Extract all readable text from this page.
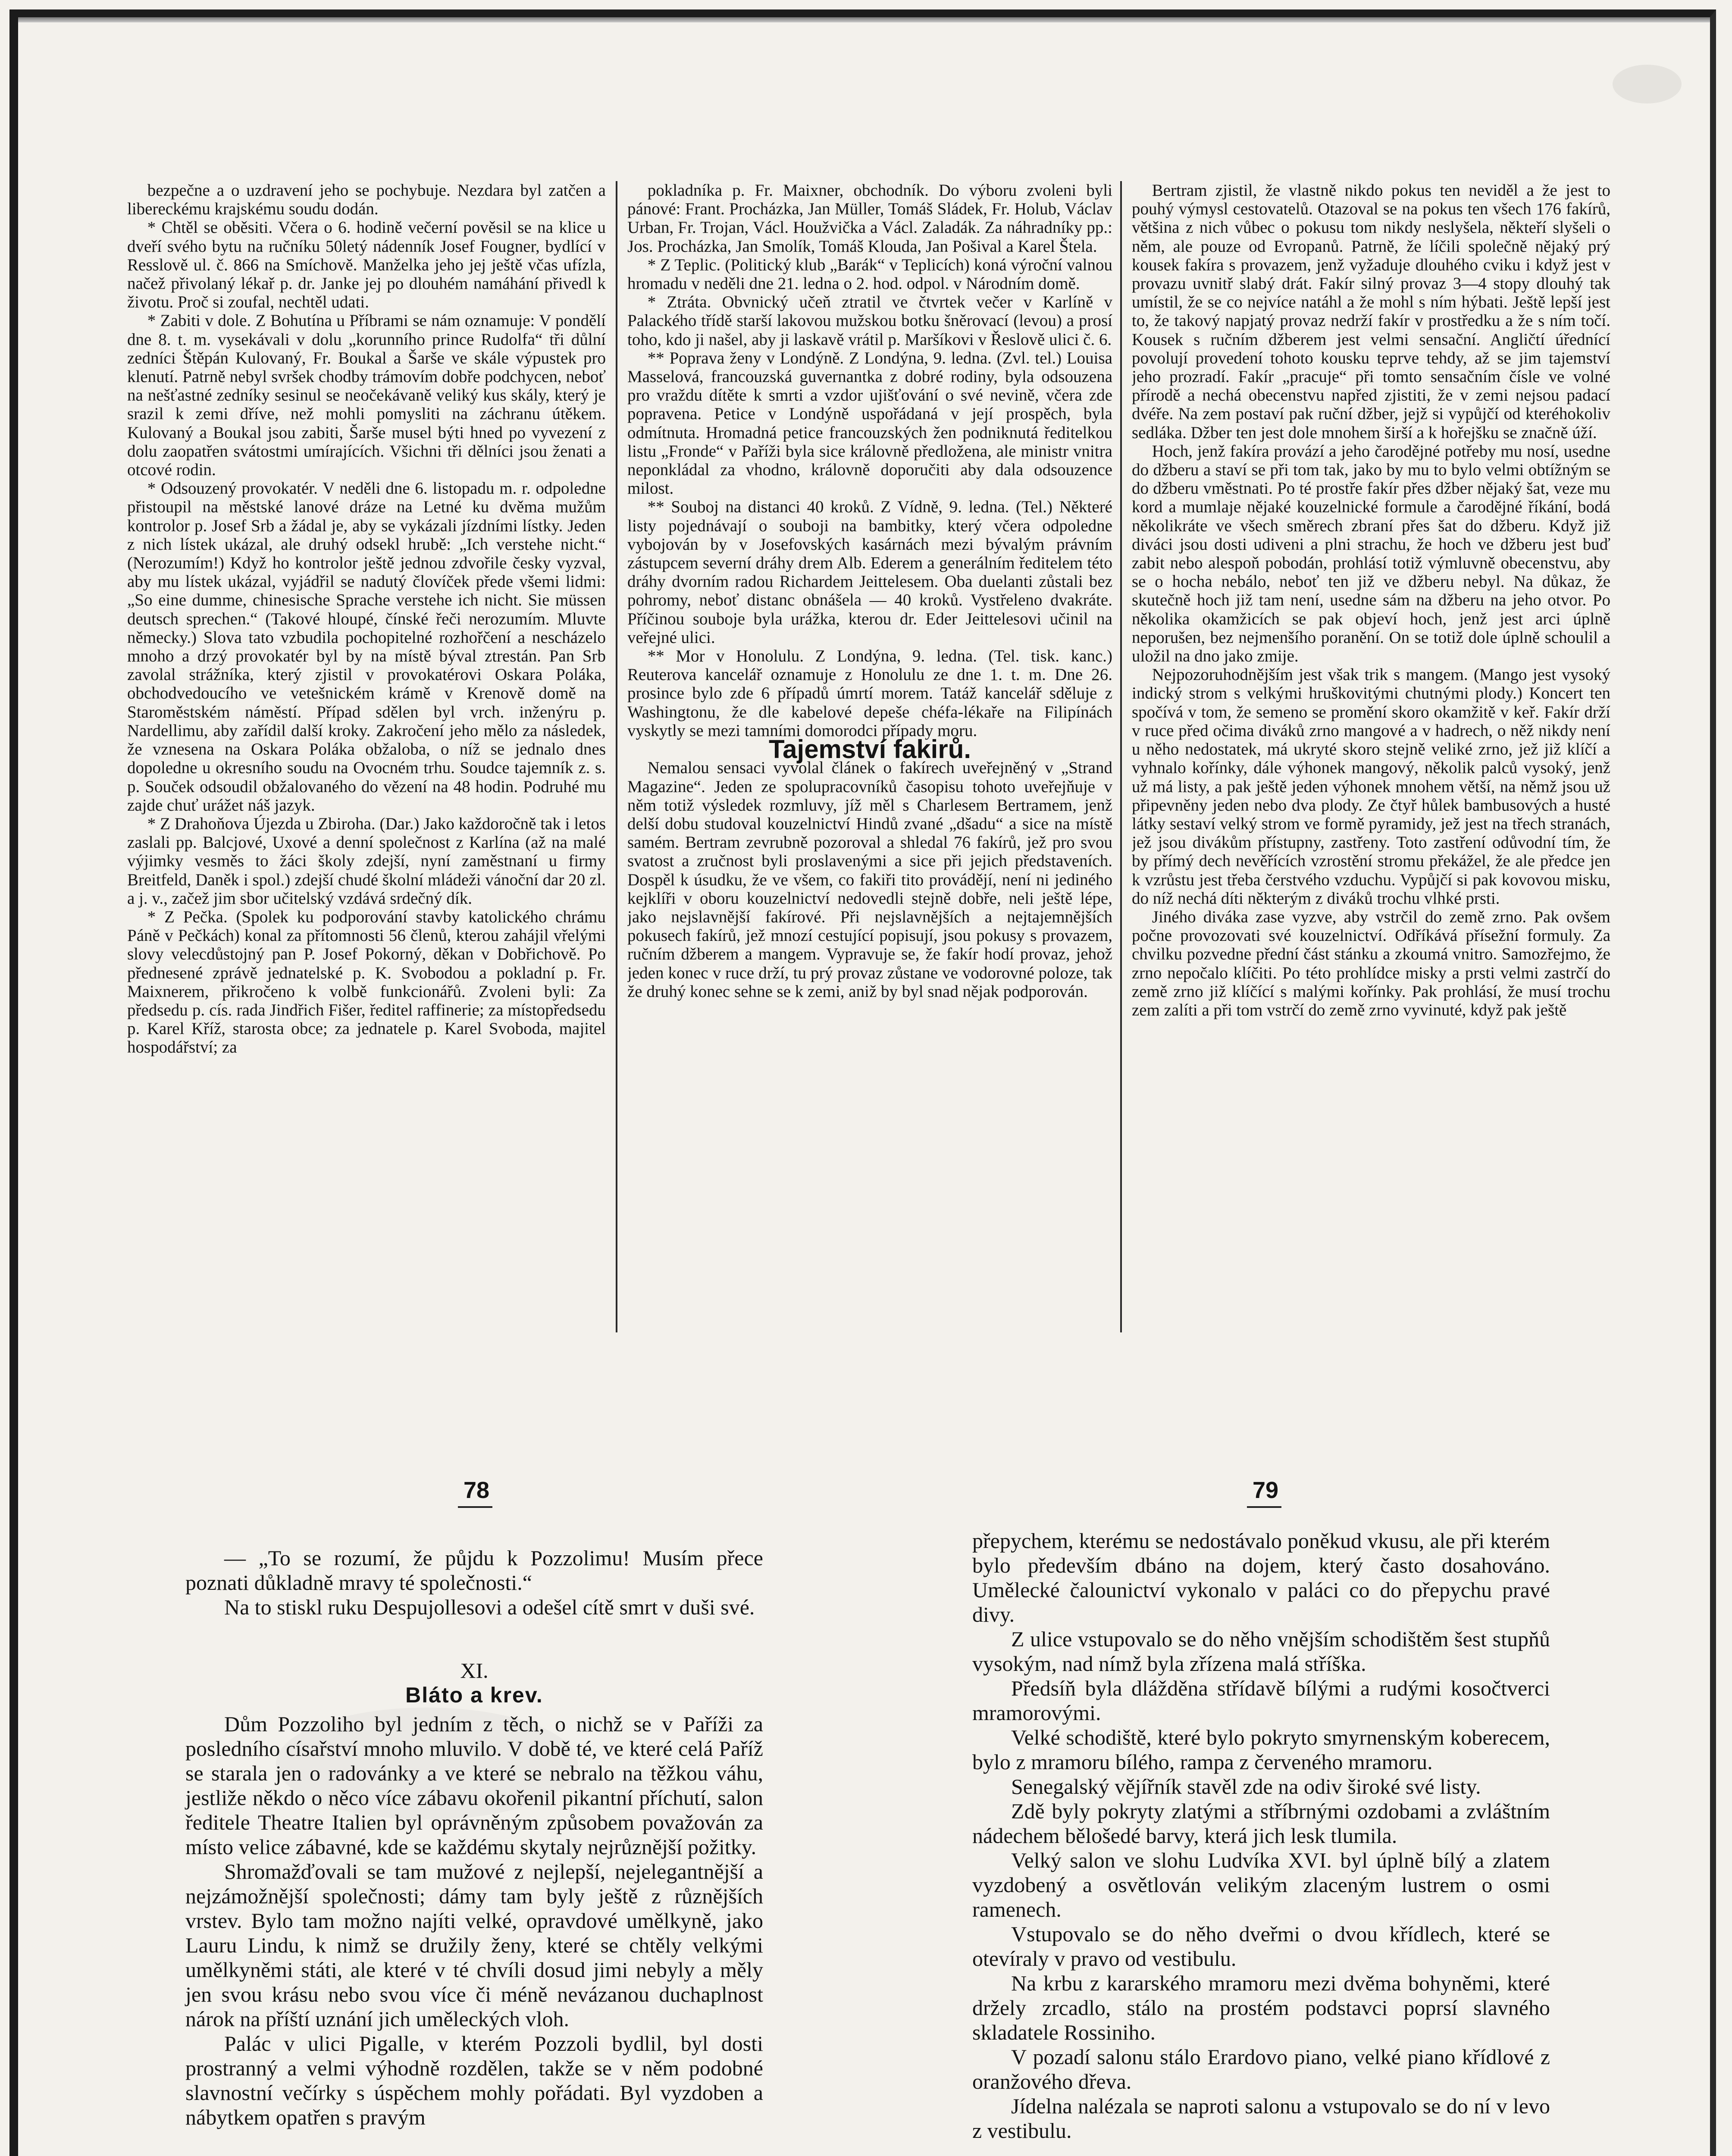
bezpečne a o uzdravení jeho se pochybuje. Nezdara byl zatčen a libereckému krajskému soudu dodán.

* Chtěl se oběsiti. Včera o 6. hodině večerní pověsil se na klice u dveří svého bytu na ručníku 50letý nádenník Josef Fougner, bydlící v Resslově ul. č. 866 na Smíchově. Manželka jeho jej ještě včas ufízla, načež přivolaný lékař p. dr. Janke jej po dlouhém namáhání přivedl k životu. Proč si zoufal, nechtěl udati.

* Zabiti v dole. Z Bohutína u Příbrami se nám oznamuje: V pondělí dne 8. t. m. vysekávali v dolu „korunního prince Rudolfa“ tři důlní zedníci Štěpán Kulovaný, Fr. Boukal a Šarše ve skále výpustek pro klenutí. Patrně nebyl svršek chodby trámovím dobře podchycen, neboť na nešťastné zedníky sesinul se neočekávaně veliký kus skály, který je srazil k zemi dříve, než mohli pomysliti na záchranu útěkem. Kulovaný a Boukal jsou zabiti, Šarše musel býti hned po vyvezení z dolu zaopatřen svátostmi umírajících. Všichni tři dělníci jsou ženati a otcové rodin.

* Odsouzený provokatér. V neděli dne 6. listopadu m. r. odpoledne přistoupil na městské lanové dráze na Letné ku dvěma mužům kontrolor p. Josef Srb a žádal je, aby se vykázali jízdními lístky. Jeden z nich lístek ukázal, ale druhý odsekl hrubě: „Ich verstehe nicht.“ (Nerozumím!) Když ho kontrolor ještě jednou zdvořile česky vyzval, aby mu lístek ukázal, vyjádřil se nadutý človíček přede všemi lidmi: „So eine dumme, chinesische Sprache verstehe ich nicht. Sie müssen deutsch sprechen.“ (Takové hloupé, čínské řeči nerozumím. Mluvte německy.) Slova tato vzbudila pochopitelné rozhořčení a nescházelo mnoho a drzý provokatér byl by na místě býval ztrestán. Pan Srb zavolal strážníka, který zjistil v provokatérovi Oskara Poláka, obchodvedoucího ve vetešnickém krámě v Krenově domě na Staroměstském náměstí. Případ sdělen byl vrch. inženýru p. Nardellimu, aby zařídil další kroky. Zakročení jeho mělo za následek, že vznesena na Oskara Poláka obžaloba, o níž se jednalo dnes dopoledne u okresního soudu na Ovocném trhu. Soudce tajemník z. s. p. Souček odsoudil obžalovaného do vězení na 48 hodin. Podruhé mu zajde chuť urážet náš jazyk.

* Z Drahoňova Újezda u Zbiroha. (Dar.) Jako každoročně tak i letos zaslali pp. Balcjové, Uxové a denní společnost z Karlína (až na malé výjimky vesměs to žáci školy zdejší, nyní zaměstnaní u firmy Breitfeld, Daněk i spol.) zdejší chudé školní mládeži vánoční dar 20 zl. a j. v., začež jim sbor učitelský vzdává srdečný dík.

* Z Pečka. (Spolek ku podporování stavby katolického chrámu Páně v Pečkách) konal za přítomnosti 56 členů, kterou zahájil vřelými slovy velecdůstojný pan P. Josef Pokorný, děkan v Dobřichově. Po přednesené zprávě jednatelské p. K. Svobodou a pokladní p. Fr. Maixnerem, přikročeno k volbě funkcionářů. Zvoleni byli: Za předsedu p. cís. rada Jindřich Fišer, ředitel raffinerie; za místopředsedu p. Karel Kříž, starosta obce; za jednatele p. Karel Svoboda, majitel hospodářství; za

pokladníka p. Fr. Maixner, obchodník. Do výboru zvoleni byli pánové: Frant. Procházka, Jan Müller, Tomáš Sládek, Fr. Holub, Václav Urban, Fr. Trojan, Václ. Houžvička a Václ. Zaladák. Za náhradníky pp.: Jos. Procházka, Jan Smolík, Tomáš Klouda, Jan Pošival a Karel Štela.

* Z Teplic. (Politický klub „Barák“ v Teplicích) koná výroční valnou hromadu v neděli dne 21. ledna o 2. hod. odpol. v Národním domě.

* Ztráta. Obvnický učeň ztratil ve čtvrtek večer v Karlíně v Palackého třídě starší lakovou mužskou botku šněrovací (levou) a prosí toho, kdo ji našel, aby ji laskavě vrátil p. Maršíkovi v Řeslově ulici č. 6.

** Poprava ženy v Londýně. Z Londýna, 9. ledna. (Zvl. tel.) Louisa Masselová, francouzská guvernantka z dobré rodiny, byla odsouzena pro vraždu dítěte k smrti a vzdor ujišťování o své nevině, včera zde popravena. Petice v Londýně uspořádaná v její prospěch, byla odmítnuta. Hromadná petice francouzských žen podniknutá ředitelkou listu „Fronde“ v Paříži byla sice královně předložena, ale ministr vnitra neponkládal za vhodno, královně doporučiti aby dala odsouzence milost.

** Souboj na distanci 40 kroků. Z Vídně, 9. ledna. (Tel.) Některé listy pojednávají o souboji na bambitky, který včera odpoledne vybojován by v Josefovských kasárnách mezi bývalým právním zástupcem severní dráhy drem Alb. Ederem a generálním ředitelem této dráhy dvorním radou Richardem Jeittelesem. Oba duelanti zůstali bez pohromy, neboť distanc obnášela — 40 kroků. Vystřeleno dvakráte. Příčinou souboje byla urážka, kterou dr. Eder Jeittelesovi učinil na veřejné ulici.

** Mor v Honolulu. Z Londýna, 9. ledna. (Tel. tisk. kanc.) Reuterova kancelář oznamuje z Honolulu ze dne 1. t. m. Dne 26. prosince bylo zde 6 případů úmrtí morem. Tatáž kancelář sděluje z Washingtonu, že dle kabelové depeše chéfa-lékaře na Filipínách vyskytly se mezi tamními domorodci případy moru.

Tajemství fakirů.

Nemalou sensaci vyvolal článek o fakírech uveřejněný v „Strand Magazine“. Jeden ze spolupracovníků časopisu tohoto uveřejňuje v něm totiž výsledek rozmluvy, jíž měl s Charlesem Bertramem, jenž delší dobu studoval kouzelnictví Hindů zvané „dšadu“ a sice na místě samém. Bertram zevrubně pozoroval a shledal 76 fakírů, jež pro svou svatost a zručnost byli proslavenými a sice při jejich představeních. Dospěl k úsudku, že ve všem, co fakiři tito provádějí, není ni jediného kejklíři v oboru kouzelnictví nedovedli stejně dobře, neli ještě lépe, jako nejslavnější fakírové. Při nejslavnějších a nejtajemnějších pokusech fakírů, jež mnozí cestující popisují, jsou pokusy s provazem, ručním džberem a mangem. Vypravuje se, že fakír hodí provaz, jehož jeden konec v ruce drží, tu prý provaz zůstane ve vodorovné poloze, tak že druhý konec sehne se k zemi, aniž by byl snad nějak podporován.

Bertram zjistil, že vlastně nikdo pokus ten neviděl a že jest to pouhý výmysl cestovatelů. Otazoval se na pokus ten všech 176 fakírů, většina z nich vůbec o pokusu tom nikdy neslyšela, někteří slyšeli o něm, ale pouze od Evropanů. Patrně, že líčili společně nějaký prý kousek fakíra s provazem, jenž vyžaduje dlouhého cviku i když jest v provazu uvnitř slabý drát. Fakír silný provaz 3—4 stopy dlouhý tak umístil, že se co nejvíce natáhl a že mohl s ním hýbati. Ještě lepší jest to, že takový napjatý provaz nedrží fakír v prostředku a že s ním točí. Kousek s ručním džberem jest velmi sensační. Angličtí úřednící povolují provedení tohoto kousku teprve tehdy, až se jim tajemství jeho prozradí. Fakír „pracuje“ při tomto sensačním čísle ve volné přírodě a nechá obecenstvu napřed zjistiti, že v zemi nejsou padací dvéře. Na zem postaví pak ruční džber, jejž si vypůjčí od kteréhokoliv sedláka. Džber ten jest dole mnohem širší a k hořejšku se značně úží.

Hoch, jenž fakíra provází a jeho čarodějné potřeby mu nosí, usedne do džberu a staví se při tom tak, jako by mu to bylo velmi obtížným se do džberu vměstnati. Po té prostře fakír přes džber nějaký šat, veze mu kord a mumlaje nějaké kouzelnické formule a čarodějné říkání, bodá několikráte ve všech směrech zbraní přes šat do džberu. Když již diváci jsou dosti udiveni a plni strachu, že hoch ve džberu jest buď zabit nebo alespoň pobodán, prohlásí totiž výmluvně obecenstvu, aby se o hocha nebálo, neboť ten již ve džberu nebyl. Na důkaz, že skutečně hoch již tam není, usedne sám na džberu na jeho otvor. Po několika okamžicích se pak objeví hoch, jenž jest arci úplně neporušen, bez nejmenšího poranění. On se totiž dole úplně schoulil a uložil na dno jako zmije.

Nejpozoruhodnějším jest však trik s mangem. (Mango jest vysoký indický strom s velkými hruškovitými chutnými plody.) Koncert ten spočívá v tom, že semeno se promění skoro okamžitě v keř. Fakír drží v ruce před očima diváků zrno mangové a v hadrech, o něž nikdy není u něho nedostatek, má ukryté skoro stejně veliké zrno, jež již klíčí a vyhnalo kořínky, dále výhonek mangový, několik palců vysoký, jenž už má listy, a pak ještě jeden výhonek mnohem větší, na němž jsou už připevněny jeden nebo dva plody. Ze čtyř hůlek bambusových a husté látky sestaví velký strom ve formě pyramidy, jež jest na třech stranách, jež jsou divákům přístupny, zastřeny. Toto zastření odůvodní tím, že by přímý dech nevěřících vzrostění stromu překážel, že ale předce jen k vzrůstu jest třeba čerstvého vzduchu. Vypůjčí si pak kovovou misku, do níž nechá díti některým z diváků trochu vlhké prsti.

Jiného diváka zase vyzve, aby vstrčil do země zrno. Pak ovšem počne provozovati své kouzelnictví. Odříkává přísežní formuly. Za chvilku pozvedne přední část stánku a zkoumá vnitro. Samozřejmo, že zrno nepočalo klíčiti. Po této prohlídce misky a prsti velmi zastrčí do země zrno již klíčící s malými kořínky. Pak prohlásí, že musí trochu zem zalíti a při tom vstrčí do země zrno vyvinuté, když pak ještě

78	79

— „To se rozumí, že půjdu k Pozzolimu! Musím přece poznati důkladně mravy té společnosti.“

Na to stiskl ruku Despujollesovi a odešel cítě smrt v duši své.

XI.

Bláto a krev.

Dům Pozzoliho byl jedním z těch, o nichž se v Paříži za posledního císařství mnoho mluvilo. V době té, ve které celá Paříž se starala jen o radovánky a ve které se nebralo na těžkou váhu, jestliže někdo o něco více zábavu okořenil pikantní příchutí, salon ředitele Theatre Italien byl oprávněným způsobem považován za místo velice zábavné, kde se každému skytaly nejrůznější požitky.

Shromažďovali se tam mužové z nejlepší, nejelegantnější a nejzámožnější společnosti; dámy tam byly ještě z různějších vrstev. Bylo tam možno najíti velké, opravdové umělkyně, jako Lauru Lindu, k nimž se družily ženy, které se chtěly velkými umělkyněmi státi, ale které v té chvíli dosud jimi nebyly a měly jen svou krásu nebo svou více či méně nevázanou duchaplnost nárok na příští uznání jich uměleckých vloh.

Palác v ulici Pigalle, v kterém Pozzoli bydlil, byl dosti prostranný a velmi výhodně rozdělen, takže se v něm podobné slavnostní večírky s úspěchem mohly pořádati. Byl vyzdoben a nábytkem opatřen s pravým

přepychem, kterému se nedostávalo poněkud vkusu, ale při kterém bylo především dbáno na dojem, který často dosahováno. Umělecké čalounictví vykonalo v paláci co do přepychu pravé divy.

Z ulice vstupovalo se do něho vnějším schodištěm šest stupňů vysokým, nad nímž byla zřízena malá stříška.

Předsíň byla dlážděna střídavě bílými a rudými kosočtverci mramorovými.

Velké schodiště, které bylo pokryto smyrnenským koberecem, bylo z mramoru bílého, rampa z červeného mramoru.

Senegalský vějířník stavěl zde na odiv široké své listy.

Zdě byly pokryty zlatými a stříbrnými ozdobami a zvláštním nádechem bělošedé barvy, která jich lesk tlumila.

Velký salon ve slohu Ludvíka XVI. byl úplně bílý a zlatem vyzdobený a osvětlován velikým zlaceným lustrem o osmi ramenech.

Vstupovalo se do něho dveřmi o dvou křídlech, které se otevíraly v pravo od vestibulu.

Na krbu z kararského mramoru mezi dvěma bohyněmi, které držely zrcadlo, stálo na prostém podstavci poprsí slavného skladatele Rossiniho.

V pozadí salonu stálo Erardovo piano, velké piano křídlové z oranžového dřeva.

Jídelna nalézala se naproti salonu a vstupovalo se do ní v levo z vestibulu.
